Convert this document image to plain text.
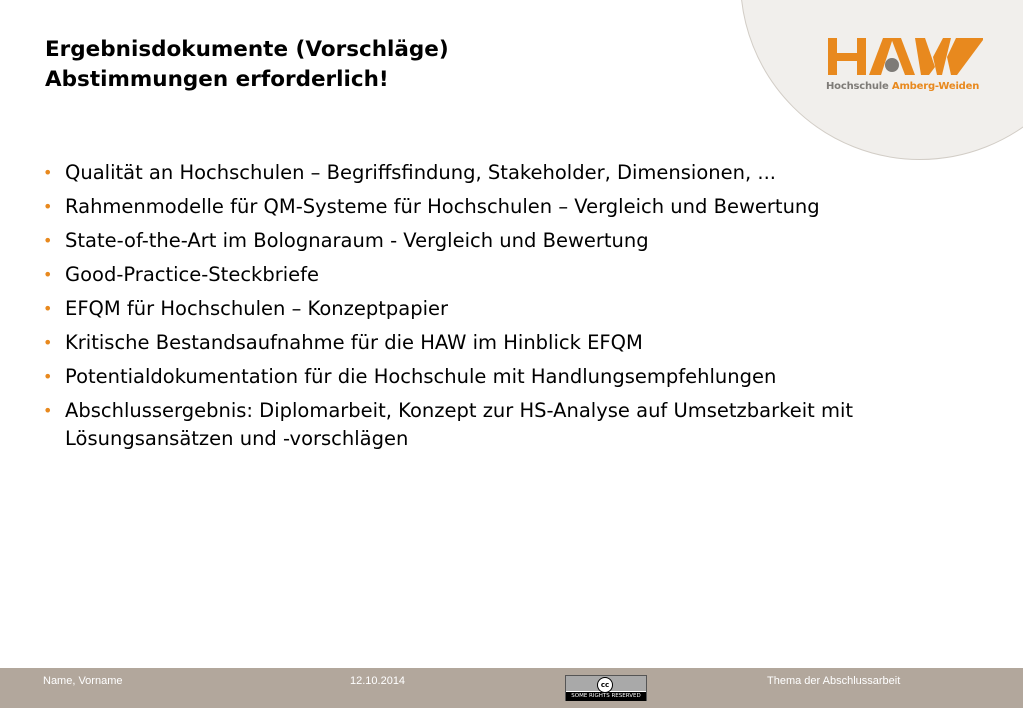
Hochschule Amberg-Weiden
Ergebnisdokumente (Vorschläge)
Abstimmungen erforderlich!
• Qualität an Hochschulen – Begriffsfindung, Stakeholder, Dimensionen, ...
• Rahmenmodelle für QM-Systeme für Hochschulen – Vergleich und Bewertung
• State-of-the-Art im Bolognaraum - Vergleich und Bewertung
• Good-Practice-Steckbriefe
• EFQM für Hochschulen – Konzeptpapier
• Kritische Bestandsaufnahme für die HAW im Hinblick EFQM
• Potentialdokumentation für die Hochschule mit Handlungsempfehlungen
• Abschlussergebnis: Diplomarbeit, Konzept zur HS-Analyse auf Umsetzbarkeit mit Lösungsansätzen und -vorschlägen
Name, Vorname	12.10.2014	cc
SOME RIGHTS RESERVED
Thema der Abschlussarbeit
